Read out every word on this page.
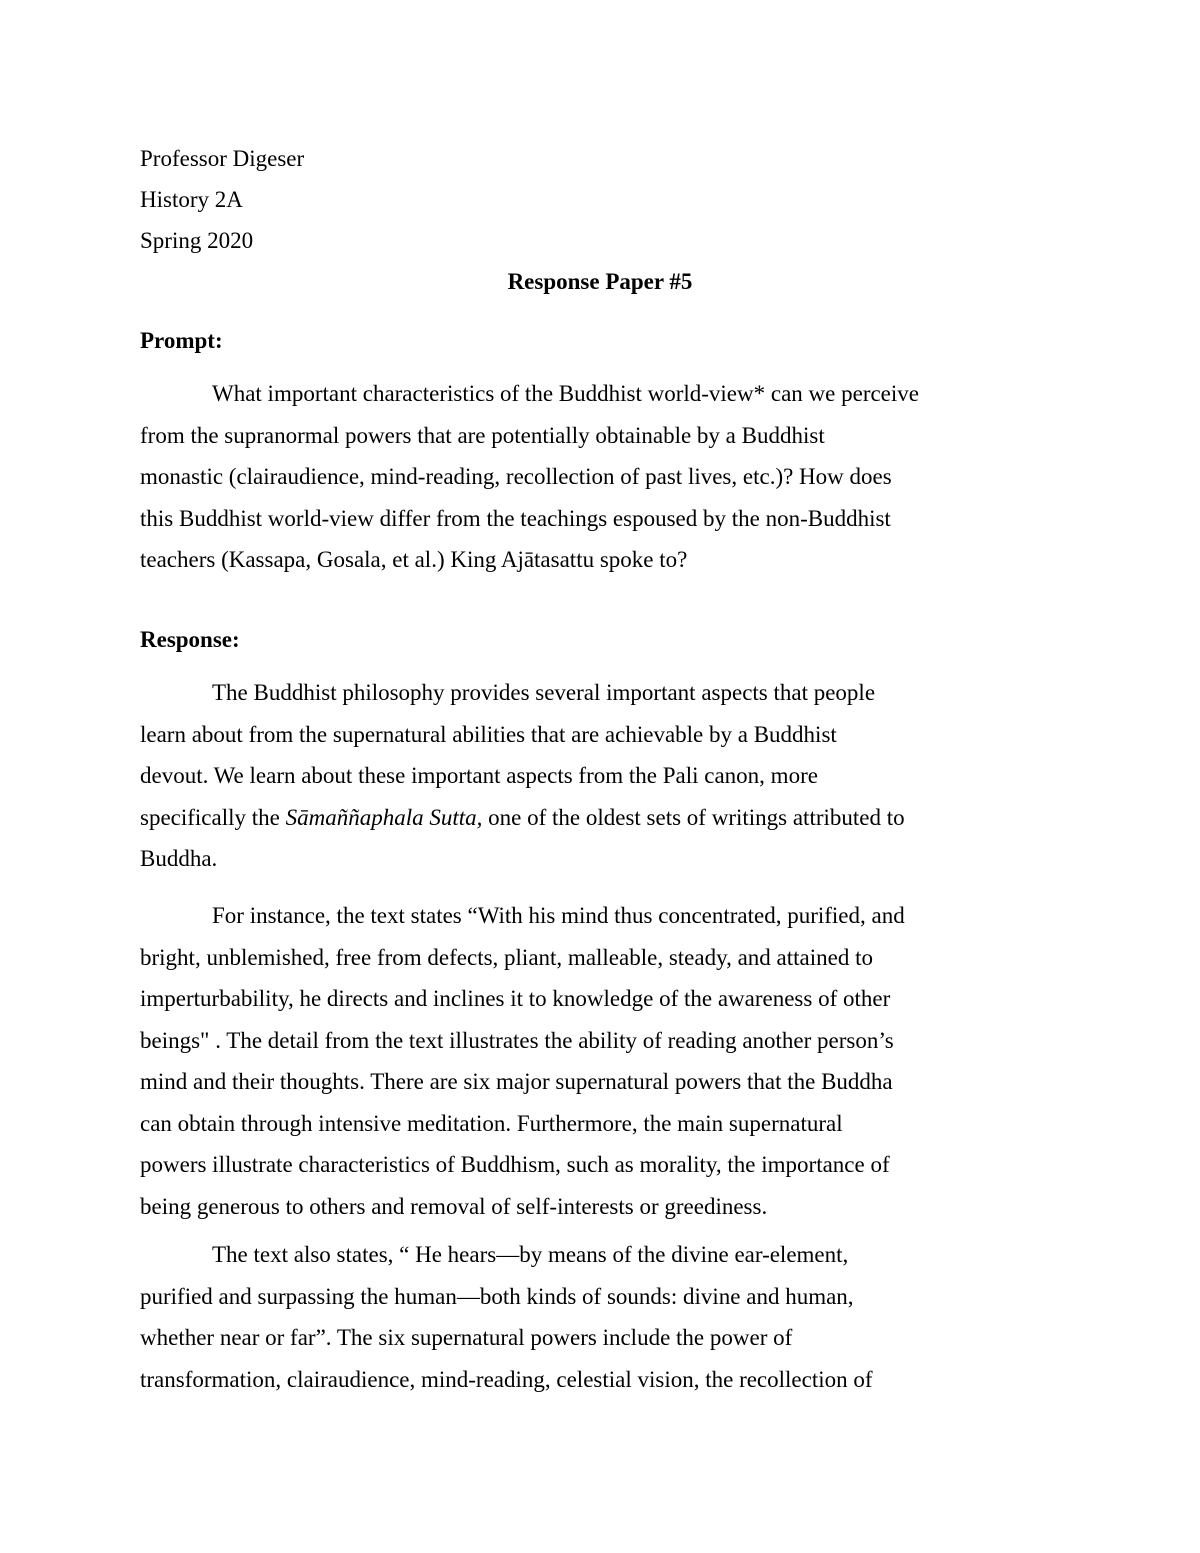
Professor Digeser
History 2A
Spring 2020
Response Paper #5
Prompt:
What important characteristics of the Buddhist world-view* can we perceive
from the supranormal powers that are potentially obtainable by a Buddhist
monastic (clairaudience, mind-reading, recollection of past lives, etc.)? How does
this Buddhist world-view differ from the teachings espoused by the non-Buddhist
teachers (Kassapa, Gosala, et al.) King Ajātasattu spoke to?
Response:
The Buddhist philosophy provides several important aspects that people
learn about from the supernatural abilities that are achievable by a Buddhist
devout. We learn about these important aspects from the Pali canon, more
specifically the Sāmaññaphala Sutta, one of the oldest sets of writings attributed to
Buddha.
For instance, the text states “With his mind thus concentrated, purified, and
bright, unblemished, free from defects, pliant, malleable, steady, and attained to
imperturbability, he directs and inclines it to knowledge of the awareness of other
beings" . The detail from the text illustrates the ability of reading another person’s
mind and their thoughts. There are six major supernatural powers that the Buddha
can obtain through intensive meditation. Furthermore, the main supernatural
powers illustrate characteristics of Buddhism, such as morality, the importance of
being generous to others and removal of self-interests or greediness.
The text also states, “ He hears—by means of the divine ear-element,
purified and surpassing the human—both kinds of sounds: divine and human,
whether near or far”. The six supernatural powers include the power of
transformation, clairaudience, mind-reading, celestial vision, the recollection of
